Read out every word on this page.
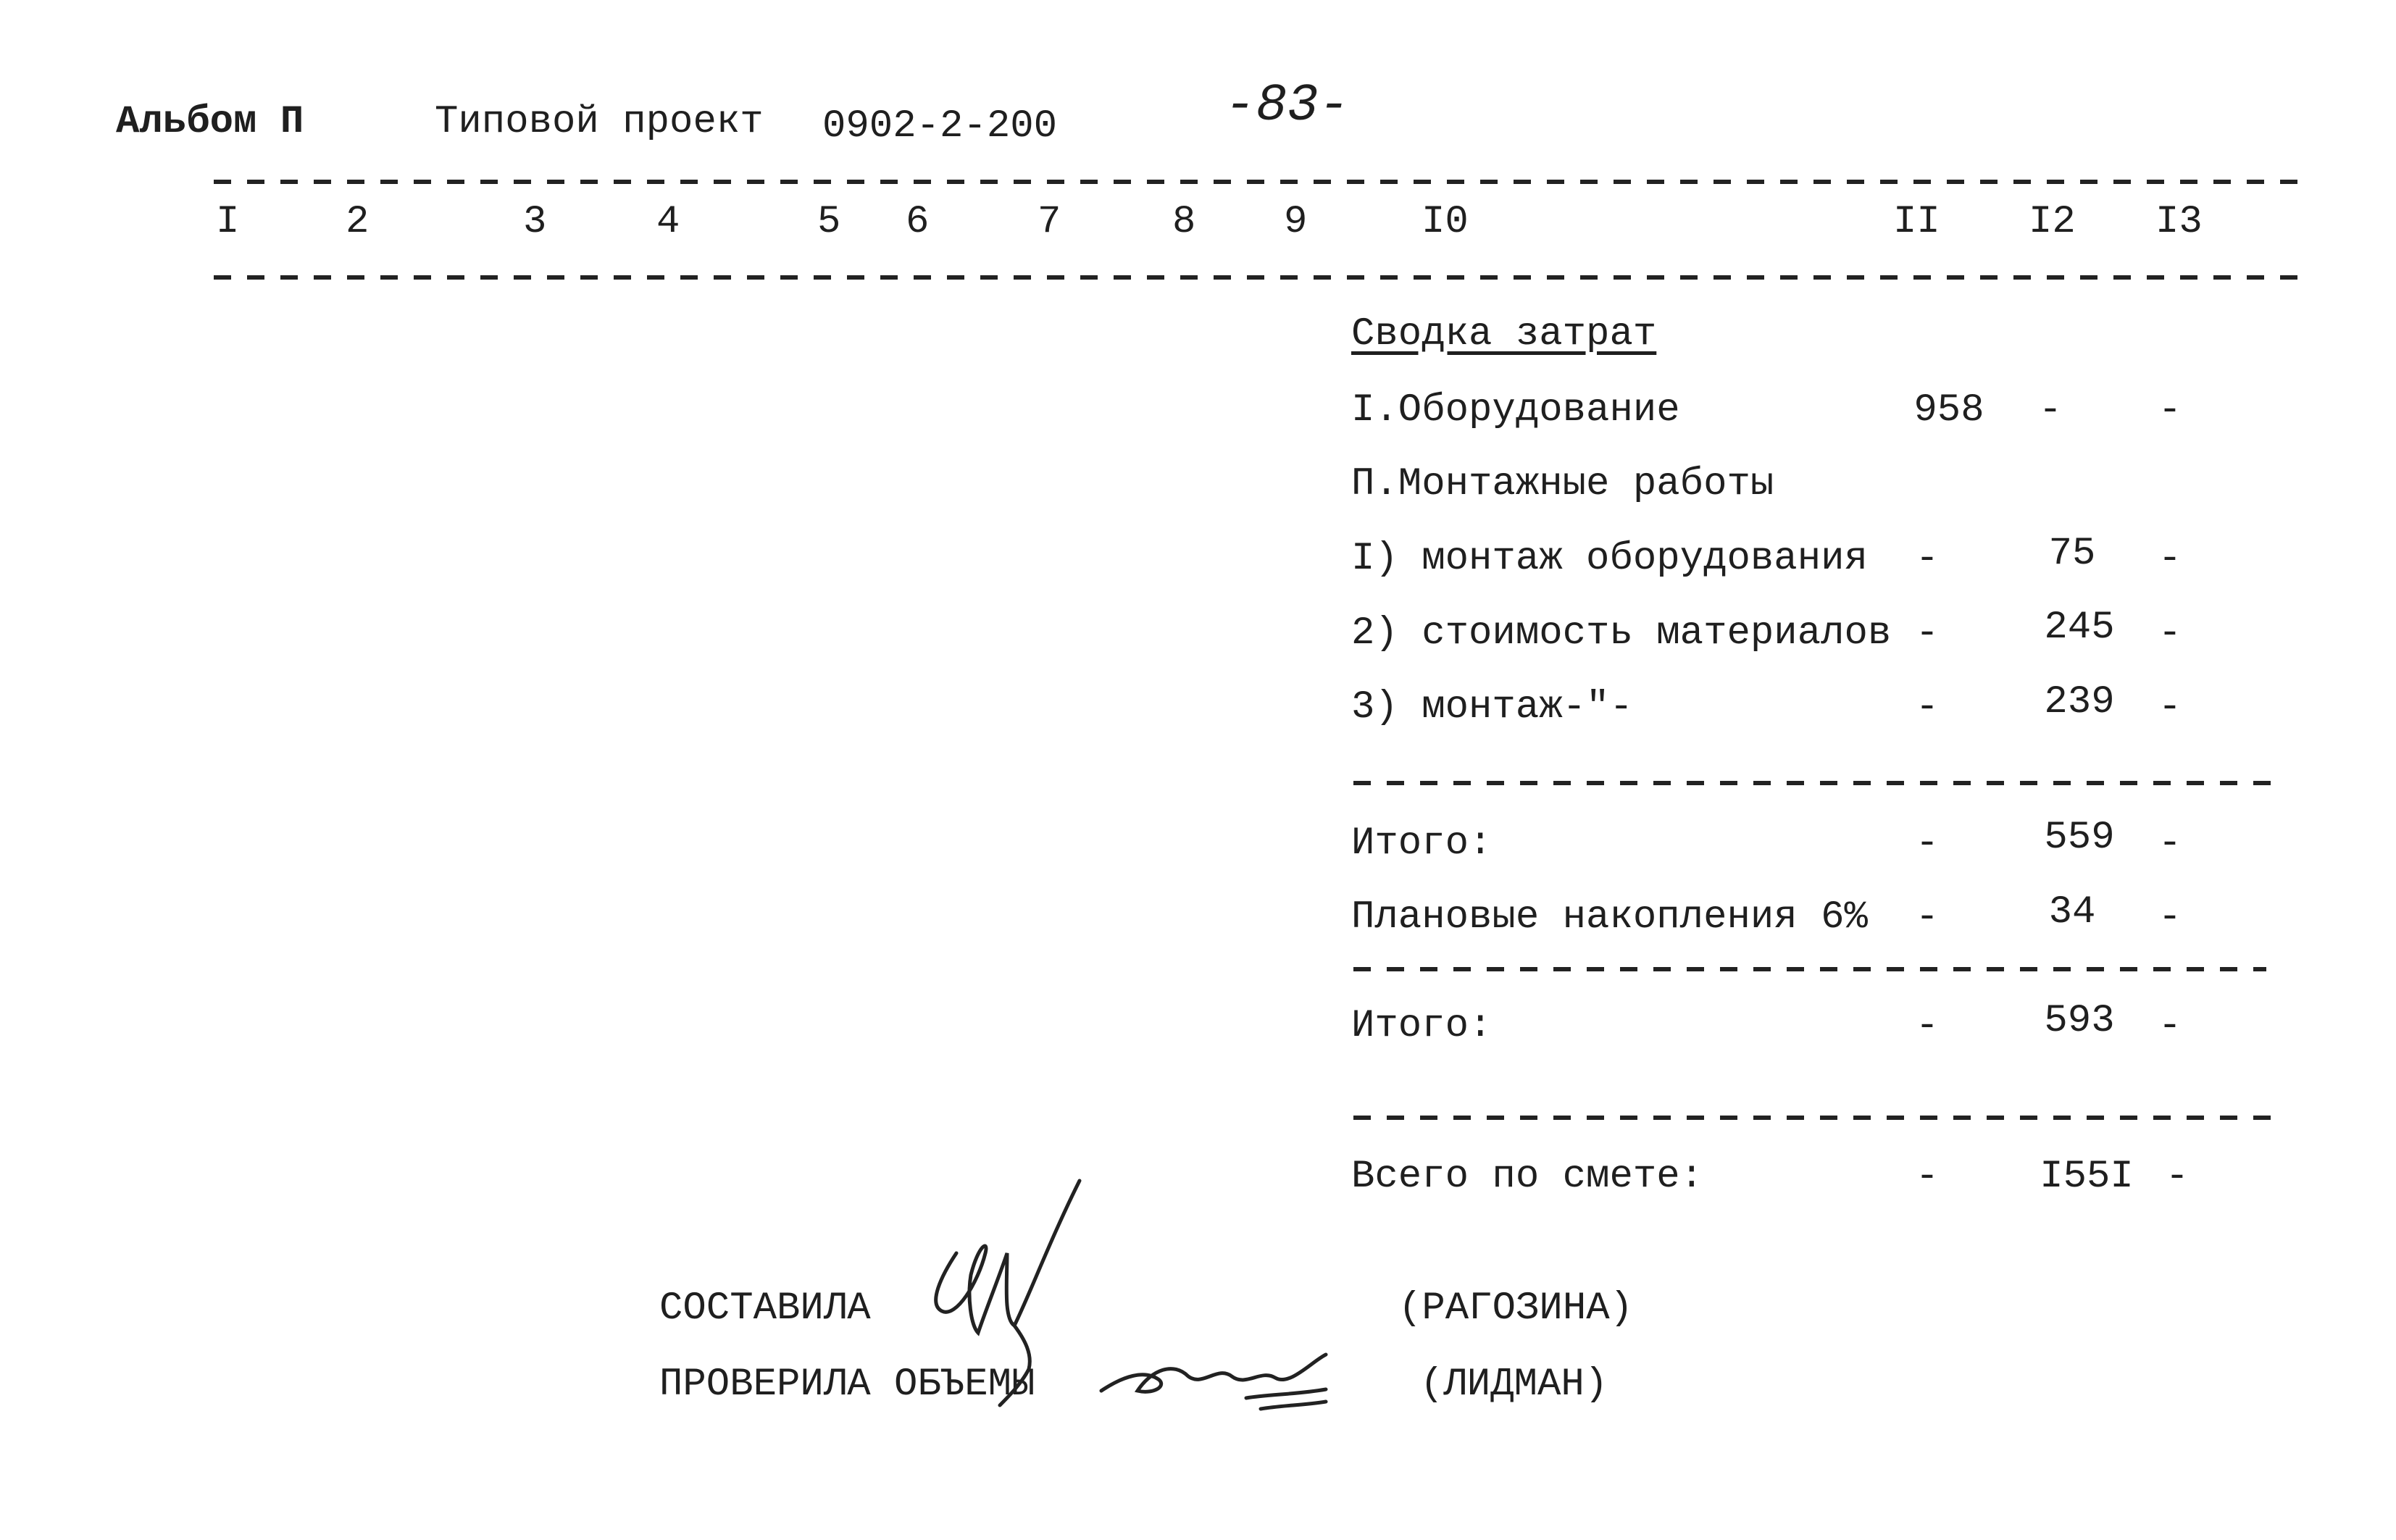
Альбом П	Типовой проект 0902-2-200	-83-
I	2	3	4	5 6	7	8 9	I0	II I2 I3
Сводка затрат
I.Оборудование	958	-	-
П.Монтажные работы
I) монтаж оборудования	-	75	-
2) стоимость материалов -	245	-
3) монтаж-"-	-	239	-
Итого:	-	559	-
Плановые накопления 6%	-	34	-
Итого:	-	593	-
Всего по смете:	-	I55I -
СОСТАВИЛА	(РАГОЗИНА)
ПРОВЕРИЛА ОБЪЕМЫ	(ЛИДМАН)
